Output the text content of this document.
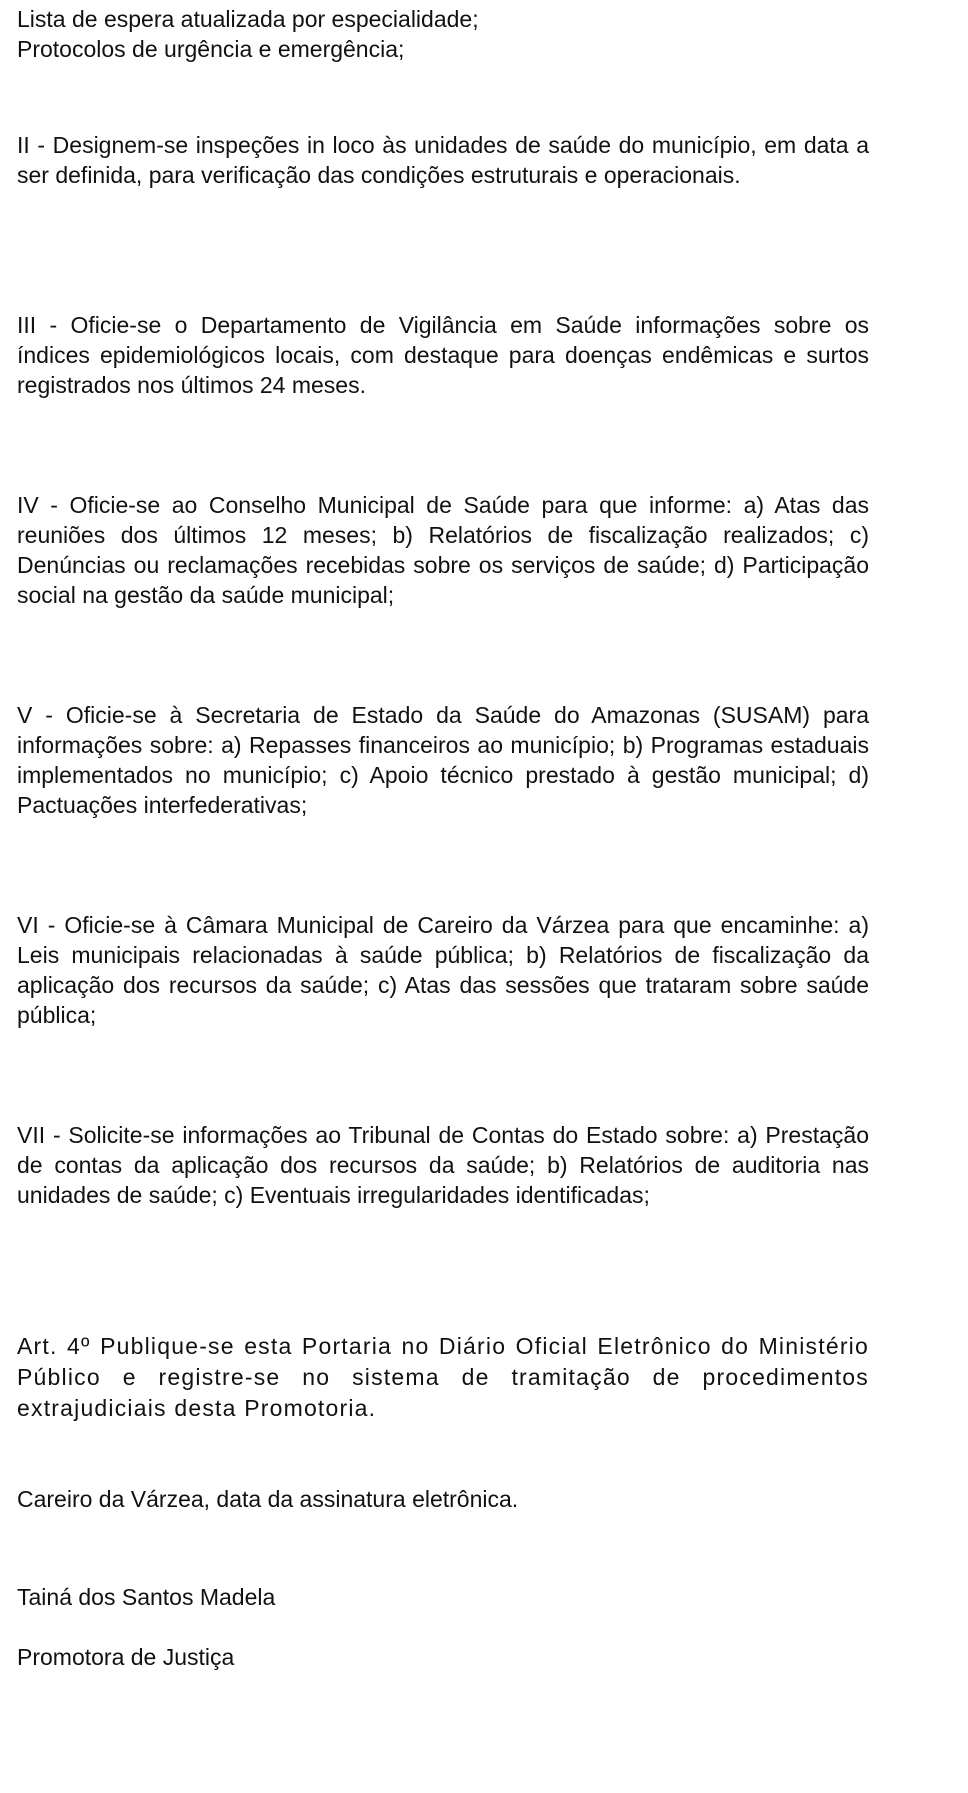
Lista de espera atualizada por especialidade;
Protocolos de urgência e emergência;
II - Designem-se inspeções in loco às unidades de saúde do município, em data a ser definida, para verificação das condições estruturais e operacionais.
III - Oficie-se o Departamento de Vigilância em Saúde informações sobre os índices epidemiológicos locais, com destaque para doenças endêmicas e surtos registrados nos últimos 24 meses.
IV - Oficie-se ao Conselho Municipal de Saúde para que informe: a) Atas das reuniões dos últimos 12 meses; b) Relatórios de fiscalização realizados; c) Denúncias ou reclamações recebidas sobre os serviços de saúde; d) Participação social na gestão da saúde municipal;
V - Oficie-se à Secretaria de Estado da Saúde do Amazonas (SUSAM) para informações sobre: a) Repasses financeiros ao município; b) Programas estaduais implementados no município; c) Apoio técnico prestado à gestão municipal; d) Pactuações interfederativas;
VI - Oficie-se à Câmara Municipal de Careiro da Várzea para que encaminhe: a) Leis municipais relacionadas à saúde pública; b) Relatórios de fiscalização da aplicação dos recursos da saúde; c) Atas das sessões que trataram sobre saúde pública;
VII - Solicite-se informações ao Tribunal de Contas do Estado sobre: a) Prestação de contas da aplicação dos recursos da saúde; b) Relatórios de auditoria nas unidades de saúde; c) Eventuais irregularidades identificadas;
Art. 4º Publique-se esta Portaria no Diário Oficial Eletrônico do Ministério Público e registre-se no sistema de tramitação de procedimentos extrajudiciais desta Promotoria.
Careiro da Várzea, data da assinatura eletrônica.
Tainá dos Santos Madela
Promotora de Justiça
